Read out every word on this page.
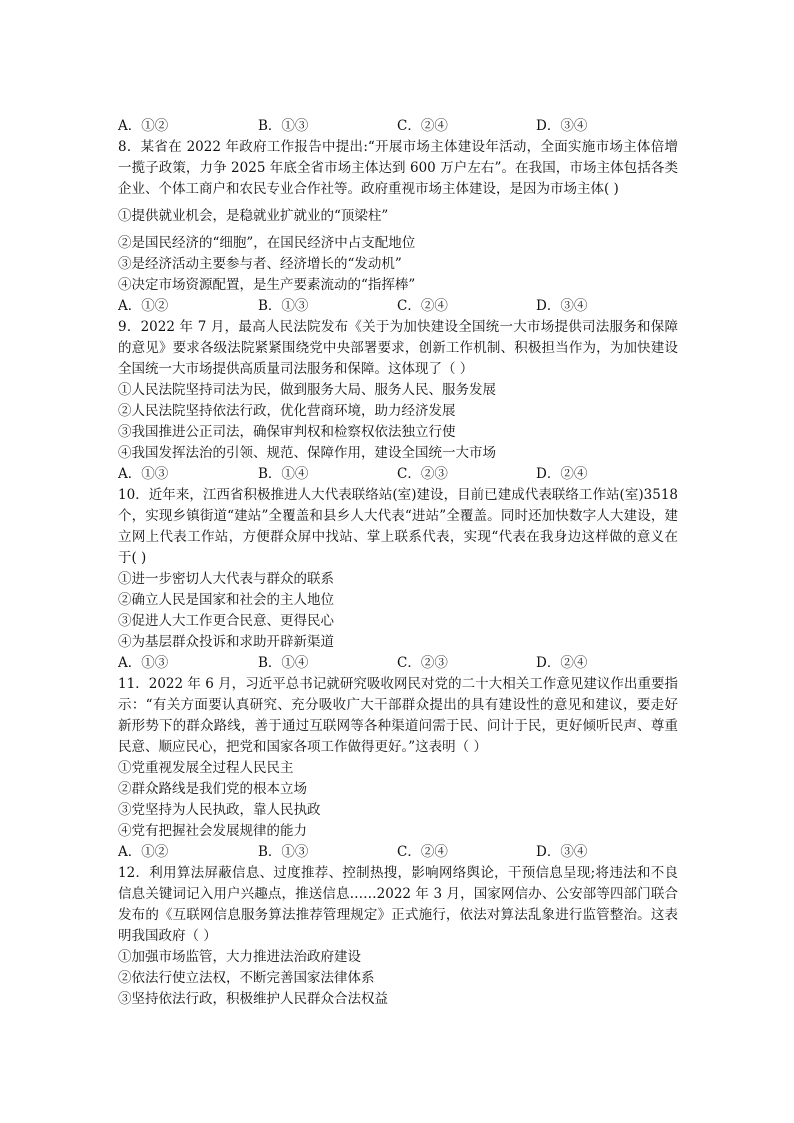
A．①②	B．①③	C．②④	D．③④
8．某省在 2022 年政府工作报告中提出:“开展市场主体建设年活动，全面实施市场主体倍增一揽子政策，力争 2025 年底全省市场主体达到 600 万户左右”。在我国，市场主体包括各类企业、个体工商户和农民专业合作社等。政府重视市场主体建设，是因为市场主体( )
①提供就业机会，是稳就业扩就业的“顶梁柱”
②是国民经济的“细胞”，在国民经济中占支配地位
③是经济活动主要参与者、经济增长的“发动机”
④决定市场资源配置，是生产要素流动的“指挥棒”
A．①②	B．①③	C．②④	D．③④
9．2022 年 7 月，最高人民法院发布《关于为加快建设全国统一大市场提供司法服务和保障的意见》要求各级法院紧紧围绕党中央部署要求，创新工作机制、积极担当作为，为加快建设全国统一大市场提供高质量司法服务和保障。这体现了（ ）
①人民法院坚持司法为民，做到服务大局、服务人民、服务发展
②人民法院坚持依法行政，优化营商环境，助力经济发展
③我国推进公正司法，确保审判权和检察权依法独立行使
④我国发挥法治的引领、规范、保障作用，建设全国统一大市场
A．①③	B．①④	C．②③	D．②④
10．近年来，江西省积极推进人大代表联络站(室)建设，目前已建成代表联络工作站(室)3518 个，实现乡镇街道“建站”全覆盖和县乡人大代表“进站”全覆盖。同时还加快数字人大建设，建立网上代表工作站，方便群众屏中找站、掌上联系代表，实现“代表在我身边这样做的意义在于( )
①进一步密切人大代表与群众的联系
②确立人民是国家和社会的主人地位
③促进人大工作更合民意、更得民心
④为基层群众投诉和求助开辟新渠道
A．①③	B．①④	C．②③	D．②④
11．2022 年 6 月，习近平总书记就研究吸收网民对党的二十大相关工作意见建议作出重要指示：“有关方面要认真研究、充分吸收广大干部群众提出的具有建设性的意见和建议，要走好新形势下的群众路线，善于通过互联网等各种渠道问需于民、问计于民，更好倾听民声、尊重民意、顺应民心，把党和国家各项工作做得更好。”这表明（ ）
①党重视发展全过程人民民主
②群众路线是我们党的根本立场
③党坚持为人民执政，靠人民执政
④党有把握社会发展规律的能力
A．①②	B．①③	C．②④	D．③④
12．利用算法屏蔽信息、过度推荐、控制热搜，影响网络舆论，干预信息呈现;将违法和不良信息关键词记入用户兴趣点，推送信息……2022 年 3 月，国家网信办、公安部等四部门联合发布的《互联网信息服务算法推荐管理规定》正式施行，依法对算法乱象进行监管整治。这表明我国政府（ ）
①加强市场监管，大力推进法治政府建设
②依法行使立法权，不断完善国家法律体系
③坚持依法行政，积极维护人民群众合法权益
